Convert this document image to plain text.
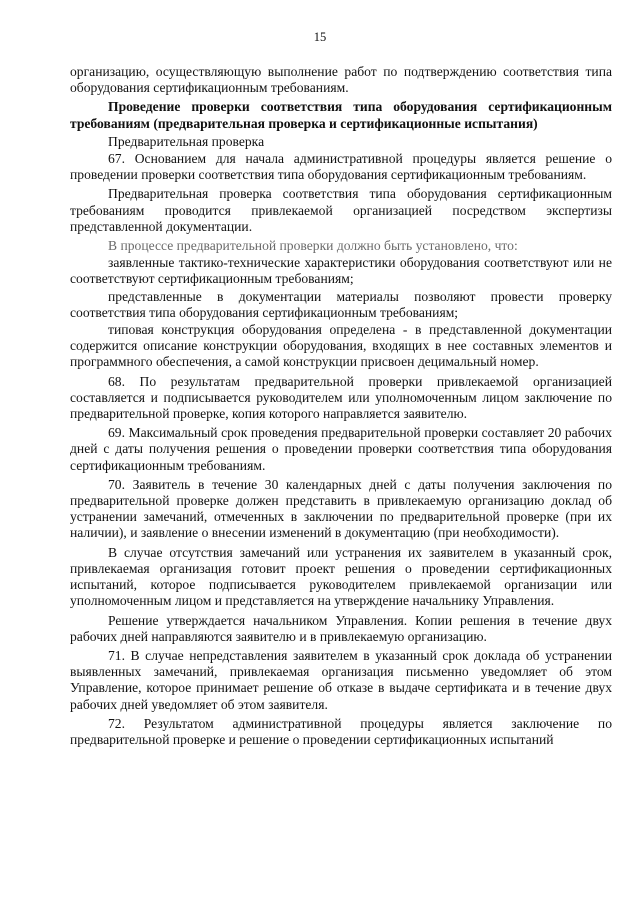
15

организацию, осуществляющую выполнение работ по подтверждению соответствия типа оборудования сертификационным требованиям.

Проведение проверки соответствия типа оборудования сертификационным требованиям (предварительная проверка и сертификационные испытания)

Предварительная проверка

67. Основанием для начала административной процедуры является решение о проведении проверки соответствия типа оборудования сертификационным требованиям.

Предварительная проверка соответствия типа оборудования сертификационным требованиям проводится привлекаемой организацией посредством экспертизы представленной документации.

В процессе предварительной проверки должно быть установлено, что:

заявленные тактико-технические характеристики оборудования соответствуют или не соответствуют сертификационным требованиям;

представленные в документации материалы позволяют провести проверку соответствия типа оборудования сертификационным требованиям;

типовая конструкция оборудования определена - в представленной документации содержится описание конструкции оборудования, входящих в нее составных элементов и программного обеспечения, а самой конструкции присвоен децимальный номер.

68. По результатам предварительной проверки привлекаемой организацией составляется и подписывается руководителем или уполномоченным лицом заключение по предварительной проверке, копия которого направляется заявителю.

69. Максимальный срок проведения предварительной проверки составляет 20 рабочих дней с даты получения решения о проведении проверки соответствия типа оборудования сертификационным требованиям.

70. Заявитель в течение 30 календарных дней с даты получения заключения по предварительной проверке должен представить в привлекаемую организацию доклад об устранении замечаний, отмеченных в заключении по предварительной проверке (при их наличии), и заявление о внесении изменений в документацию (при необходимости).

В случае отсутствия замечаний или устранения их заявителем в указанный срок, привлекаемая организация готовит проект решения о проведении сертификационных испытаний, которое подписывается руководителем привлекаемой организации или уполномоченным лицом и представляется на утверждение начальнику Управления.

Решение утверждается начальником Управления. Копии решения в течение двух рабочих дней направляются заявителю и в привлекаемую организацию.

71. В случае непредставления заявителем в указанный срок доклада об устранении выявленных замечаний, привлекаемая организация письменно уведомляет об этом Управление, которое принимает решение об отказе в выдаче сертификата и в течение двух рабочих дней уведомляет об этом заявителя.

72. Результатом административной процедуры является заключение по предварительной проверке и решение о проведении сертификационных испытаний
